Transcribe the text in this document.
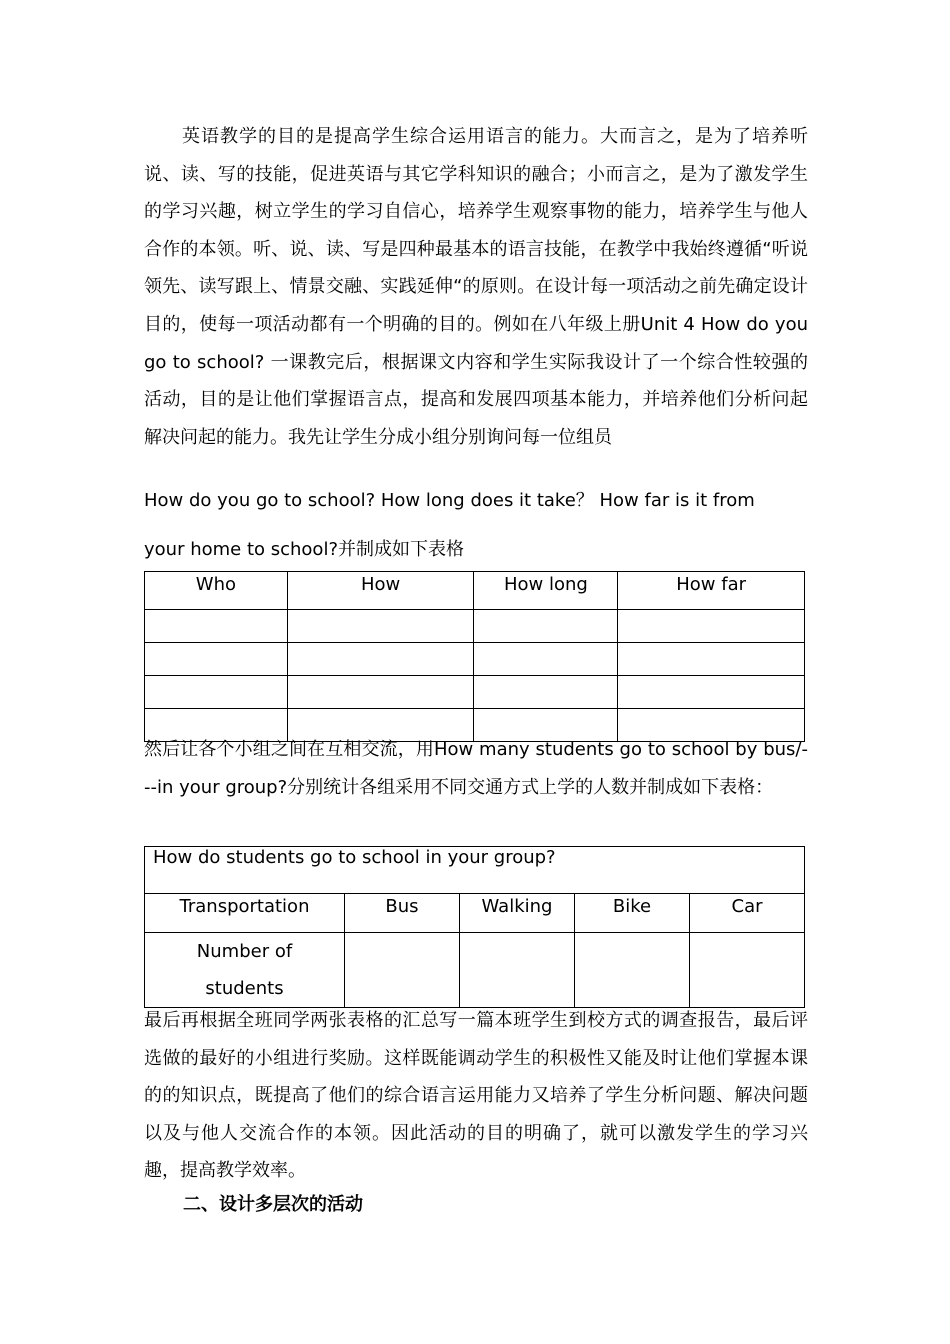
英语教学的目的是提高学生综合运用语言的能力。大而言之，是为了培养听说、读、写的技能，促进英语与其它学科知识的融合；小而言之，是为了激发学生的学习兴趣，树立学生的学习自信心，培养学生观察事物的能力，培养学生与他人合作的本领。听、说、读、写是四种最基本的语言技能，在教学中我始终遵循“听说领先、读写跟上、情景交融、实践延伸“的原则。在设计每一项活动之前先确定设计目的，使每一项活动都有一个明确的目的。例如在八年级上册Unit 4 How do you go to school? 一课教完后，根据课文内容和学生实际我设计了一个综合性较强的活动，目的是让他们掌握语言点，提高和发展四项基本能力，并培养他们分析问起解决问起的能力。我先让学生分成小组分别询问每一位组员

How do you go to school? How long does it take？ How far is it from

your home to school?并制成如下表格

Who	How	How long	How far

然后让各个小组之间在互相交流，用How many students go to school by bus/---in your group?分别统计各组采用不同交通方式上学的人数并制成如下表格：

How do students go to school in your group?				
Transportation	Bus	Walking	Bike	Car
Number of
students				

最后再根据全班同学两张表格的汇总写一篇本班学生到校方式的调查报告，最后评选做的最好的小组进行奖励。这样既能调动学生的积极性又能及时让他们掌握本课的的知识点，既提高了他们的综合语言运用能力又培养了学生分析问题、解决问题以及与他人交流合作的本领。因此活动的目的明确了，就可以激发学生的学习兴趣，提高教学效率。

二、设计多层次的活动
